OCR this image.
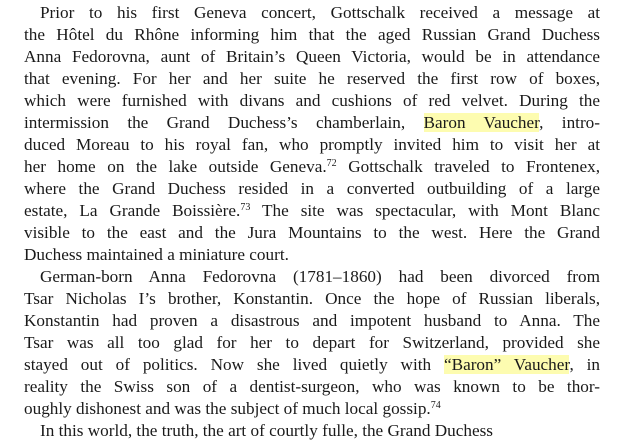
Prior to his first Geneva concert, Gottschalk received a message at
the Hôtel du Rhône informing him that the aged Russian Grand Duchess
Anna Fedorovna, aunt of Britain’s Queen Victoria, would be in attendance
that evening. For her and her suite he reserved the first row of boxes,
which were furnished with divans and cushions of red velvet. During the
intermission the Grand Duchess’s chamberlain, Baron Vaucher, intro-
duced Moreau to his royal fan, who promptly invited him to visit her at
her home on the lake outside Geneva.$^{72}$ Gottschalk traveled to Frontenex,
where the Grand Duchess resided in a converted outbuilding of a large
estate, La Grande Boissière.$^{73}$ The site was spectacular, with Mont Blanc
visible to the east and the Jura Mountains to the west. Here the Grand
Duchess maintained a miniature court.
German-born Anna Fedorovna (1781–1860) had been divorced from
Tsar Nicholas I’s brother, Konstantin. Once the hope of Russian liberals,
Konstantin had proven a disastrous and impotent husband to Anna. The
Tsar was all too glad for her to depart for Switzerland, provided she
stayed out of politics. Now she lived quietly with “Baron” Vaucher, in
reality the Swiss son of a dentist-surgeon, who was known to be thor-
oughly dishonest and was the subject of much local gossip.$^{74}$
In this world, the truth, the art of courtly fulle, the Grand Duchess
